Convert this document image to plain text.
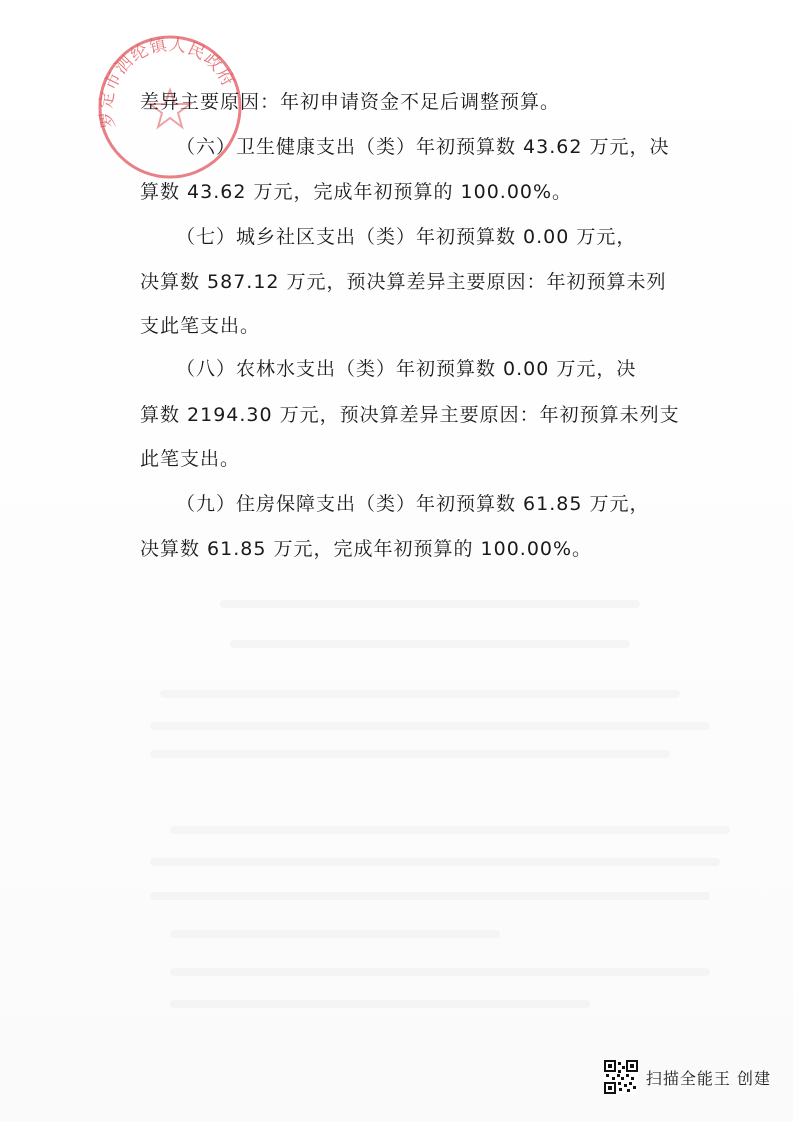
罗定市泗纶镇人民政府
差异主要原因：年初申请资金不足后调整预算。
（六）卫生健康支出（类）年初预算数 43.62 万元，决
算数 43.62 万元，完成年初预算的 100.00%。
（七）城乡社区支出（类）年初预算数 0.00 万元，
决算数 587.12 万元，预决算差异主要原因：年初预算未列
支此笔支出。
（八）农林水支出（类）年初预算数 0.00 万元，决
算数 2194.30 万元，预决算差异主要原因：年初预算未列支
此笔支出。
（九）住房保障支出（类）年初预算数 61.85 万元，
决算数 61.85 万元，完成年初预算的 100.00%。
扫描全能王 创建
